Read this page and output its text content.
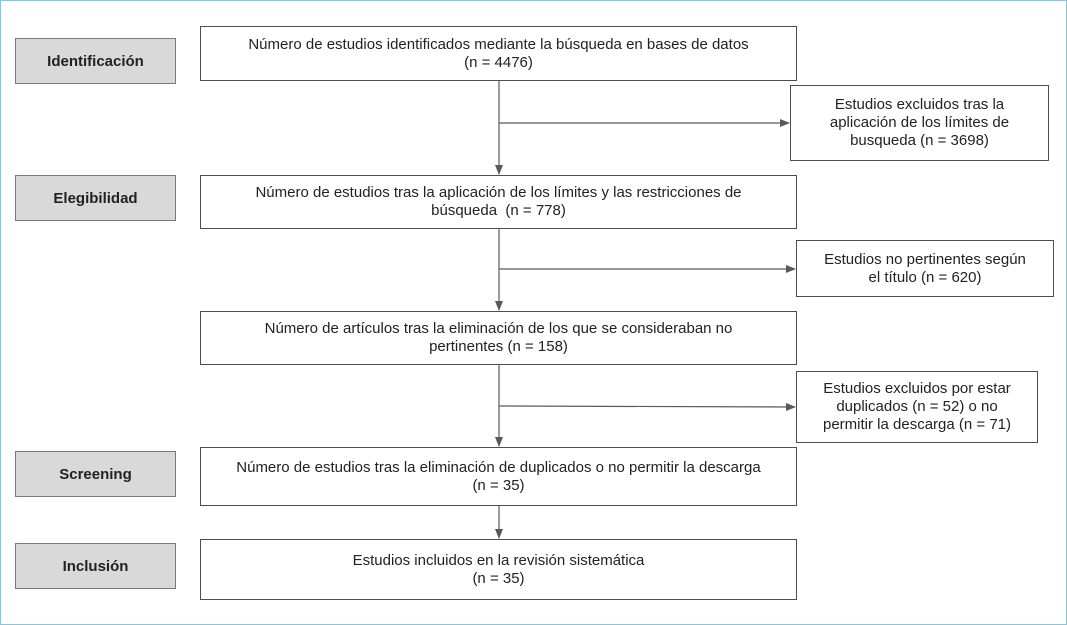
Identificación
Elegibilidad
Screening
Inclusión
Número de estudios identificados mediante la búsqueda en bases de datos
(n = 4476)
Número de estudios tras la aplicación de los límites y las restricciones de
búsqueda  (n = 778)
Número de artículos tras la eliminación de los que se consideraban no
pertinentes (n = 158)
Número de estudios tras la eliminación de duplicados o no permitir la descarga
(n = 35)
Estudios incluidos en la revisión sistemática
(n = 35)
Estudios excluidos tras la
aplicación de los límites de
busqueda (n = 3698)
Estudios no pertinentes según
el título (n = 620)
Estudios excluidos por estar
duplicados (n = 52) o no
permitir la descarga (n = 71)
